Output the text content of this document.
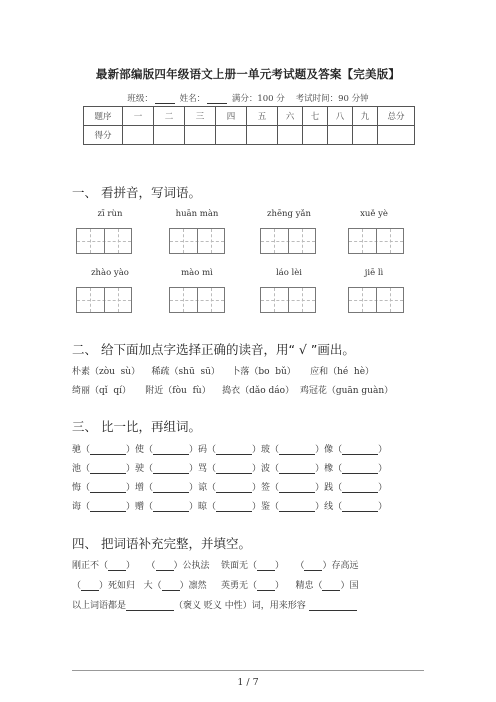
最新部编版四年级语文上册一单元考试题及答案【完美版】
班级：	姓名：	满分：100 分 考试时间：90 分钟
题序	一	二	三	四	五	六	七	八	九	总分
得分										
一、 看拼音，写词语。
zī rùn	huān màn	zhēng yǎn	xuě yè
zhào yào	mào mì	láo lèi	jiē lì
二、 给下面加点字选择正确的读音，用“ √ ”画出。
朴素（zòu  sù）    稀疏（shū  sū）    卜落（bo  bǔ）     应和（hé  hè）
绮丽（qǐ  qí）     附近（fòu  fù）    捣衣（dǎo dáo）  鸡冠花（guān guàn）
三、 比一比，再组词。
驰（	）使（	）码（	）玻（	）像（	）
池（	）驶（	）骂（	）波（	）橡（	）
悔（	）增（	）谅（	）签（	）践（	）
诲（	）赠（	）晾（	）鉴（	）线（	）
四、 把词语补充完整，并填空。
刚正不（ ） （ ）公执法 铁面无（ ） （ ）存高远
（ ）死如归 大（ ）凛然 英勇无（ ） 精忠（ ）国
以上词语都是	（褒义 贬义 中性）词，用来形容
1 / 7
